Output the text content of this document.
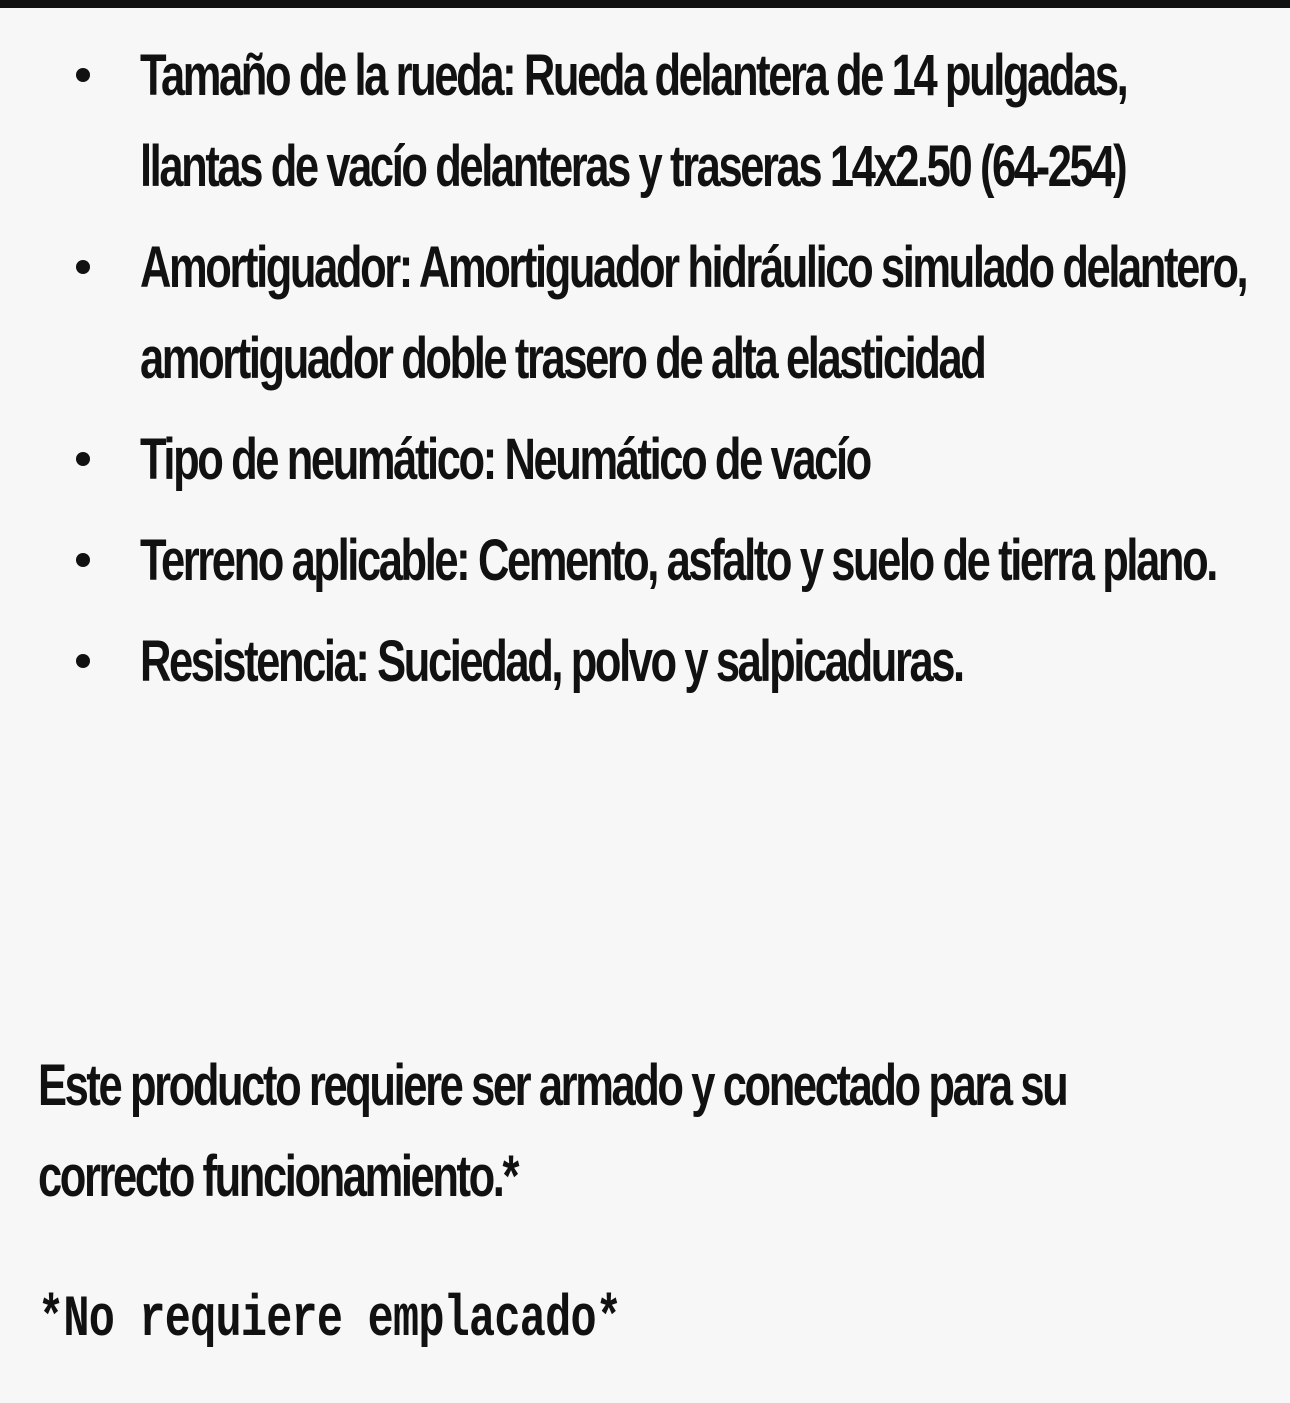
Tamaño de la rueda: Rueda delantera de 14 pulgadas, llantas de vacío delanteras y traseras 14x2.50 (64-254)
Amortiguador: Amortiguador hidráulico simulado delantero, amortiguador doble trasero de alta elasticidad
Tipo de neumático: Neumático de vacío
Terreno aplicable: Cemento, asfalto y suelo de tierra plano.
Resistencia: Suciedad, polvo y salpicaduras.

Este producto requiere ser armado y conectado para su correcto funcionamiento.*

*No requiere emplacado*
